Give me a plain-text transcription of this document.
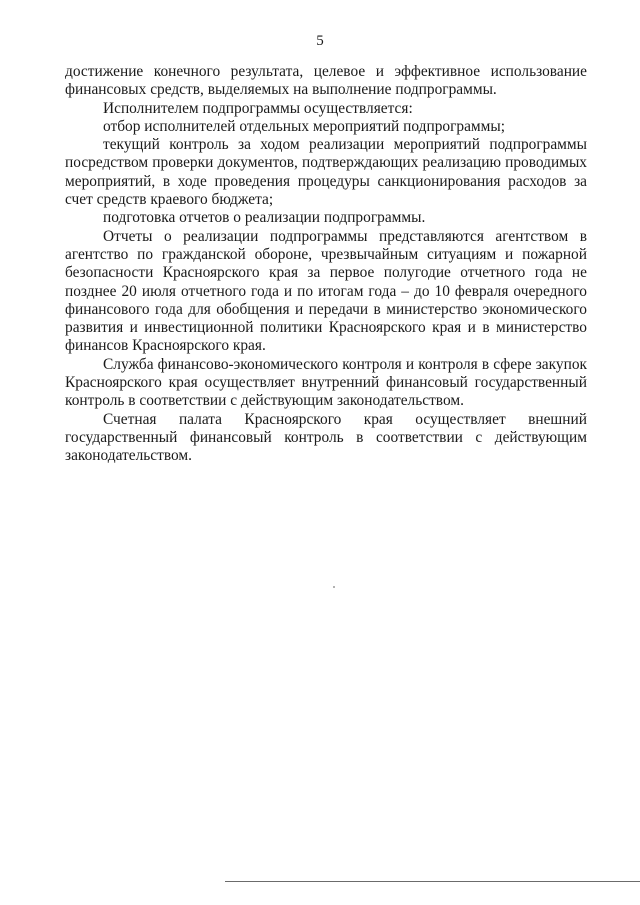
5

достижение конечного результата, целевое и эффективное использование финансовых средств, выделяемых на выполнение подпрограммы.

Исполнителем подпрограммы осуществляется:

отбор исполнителей отдельных мероприятий подпрограммы;

текущий контроль за ходом реализации мероприятий подпрограммы посредством проверки документов, подтверждающих реализацию проводимых мероприятий, в ходе проведения процедуры санкционирования расходов за счет средств краевого бюджета;

подготовка отчетов о реализации подпрограммы.

Отчеты о реализации подпрограммы представляются агентством в агентство по гражданской обороне, чрезвычайным ситуациям и пожарной безопасности Красноярского края за первое полугодие отчетного года не позднее 20 июля отчетного года и по итогам года – до 10 февраля очередного финансового года для обобщения и передачи в министерство экономического развития и инвестиционной политики Красноярского края и в министерство финансов Красноярского края.

Служба финансово-экономического контроля и контроля в сфере закупок Красноярского края осуществляет внутренний финансовый государственный контроль в соответствии с действующим законодательством.

Счетная палата Красноярского края осуществляет внешний государственный финансовый контроль в соответствии с действующим законодательством.
